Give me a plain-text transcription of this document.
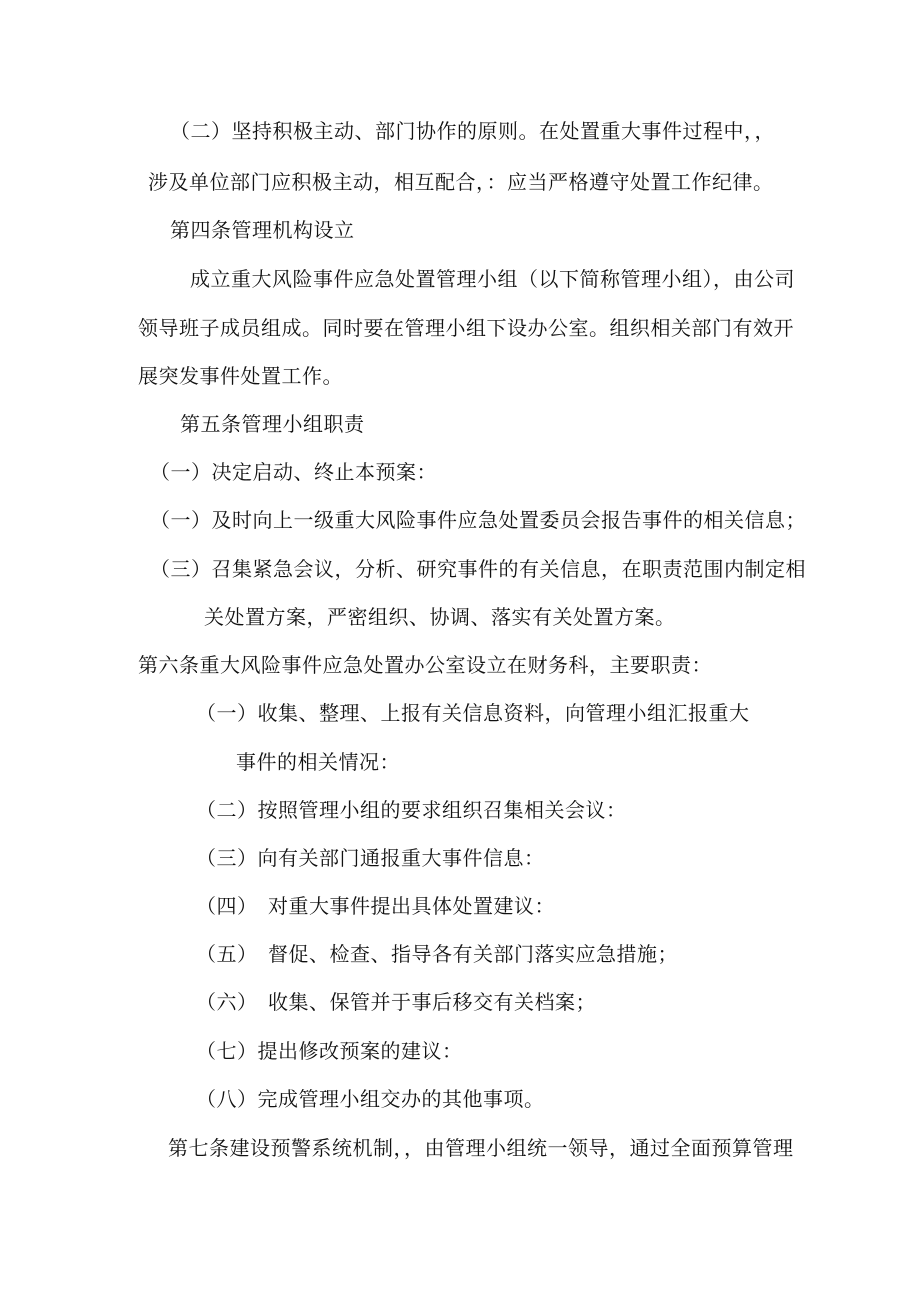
（二）坚持积极主动、部门协作的原则。在处置重大事件过程中，，
涉及单位部门应积极主动，相互配合，：应当严格遵守处置工作纪律。
第四条管理机构设立
成立重大风险事件应急处置管理小组（以下简称管理小组），由公司
领导班子成员组成。同时要在管理小组下设办公室。组织相关部门有效开
展突发事件处置工作。
第五条管理小组职责
（一）决定启动、终止本预案：
（一）及时向上一级重大风险事件应急处置委员会报告事件的相关信息；
（三）召集紧急会议，分析、研究事件的有关信息，在职责范围内制定相
关处置方案，严密组织、协调、落实有关处置方案。
第六条重大风险事件应急处置办公室设立在财务科，主要职责：
（一）收集、整理、上报有关信息资料，向管理小组汇报重大
事件的相关情况：
（二）按照管理小组的要求组织召集相关会议：
（三）向有关部门通报重大事件信息：
（四）　对重大事件提出具体处置建议：
（五）　督促、检查、指导各有关部门落实应急措施；
（六）　收集、保管并于事后移交有关档案；
（七）提出修改预案的建议：
（八）完成管理小组交办的其他事项。
第七条建设预警系统机制，，由管理小组统一领导，通过全面预算管理
